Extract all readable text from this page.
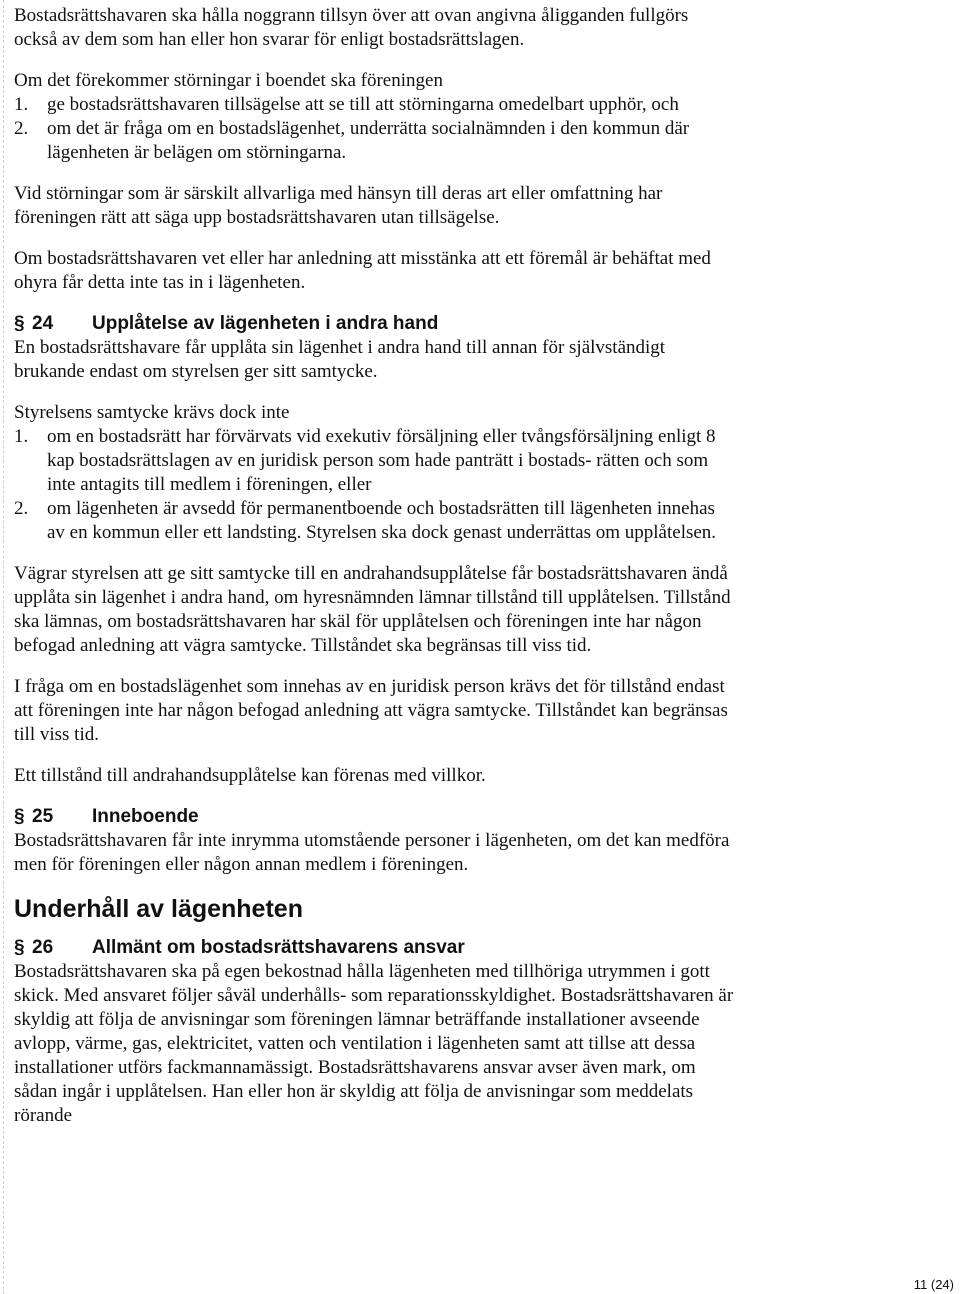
Bostadsrättshavaren ska hålla noggrann tillsyn över att ovan angivna åligganden fullgörs också av dem som han eller hon svarar för enligt bostadsrättslagen.

Om det förekommer störningar i boendet ska föreningen

1. ge bostadsrättshavaren tillsägelse att se till att störningarna omedelbart upphör, och
2. om det är fråga om en bostadslägenhet, underrätta socialnämnden i den kommun där lägenheten är belägen om störningarna.

Vid störningar som är särskilt allvarliga med hänsyn till deras art eller omfattning har föreningen rätt att säga upp bostadsrättshavaren utan tillsägelse.

Om bostadsrättshavaren vet eller har anledning att misstänka att ett föremål är behäftat med ohyra får detta inte tas in i lägenheten.

§ 24	Upplåtelse av lägenheten i andra hand

En bostadsrättshavare får upplåta sin lägenhet i andra hand till annan för självständigt brukande endast om styrelsen ger sitt samtycke.

Styrelsens samtycke krävs dock inte

1. om en bostadsrätt har förvärvats vid exekutiv försäljning eller tvångsförsäljning enligt 8 kap bostadsrättslagen av en juridisk person som hade panträtt i bostads- rätten och som inte antagits till medlem i föreningen, eller
2. om lägenheten är avsedd för permanentboende och bostadsrätten till lägenheten innehas av en kommun eller ett landsting. Styrelsen ska dock genast underrättas om upplåtelsen.

Vägrar styrelsen att ge sitt samtycke till en andrahandsupplåtelse får bostadsrättshavaren ändå upplåta sin lägenhet i andra hand, om hyresnämnden lämnar tillstånd till upplåtelsen. Tillstånd ska lämnas, om bostadsrättshavaren har skäl för upplåtelsen och föreningen inte har någon befogad anledning att vägra samtycke. Tillståndet ska begränsas till viss tid.

I fråga om en bostadslägenhet som innehas av en juridisk person krävs det för tillstånd endast att föreningen inte har någon befogad anledning att vägra samtycke. Tillståndet kan begränsas till viss tid.

Ett tillstånd till andrahandsupplåtelse kan förenas med villkor.

§ 25	Inneboende

Bostadsrättshavaren får inte inrymma utomstående personer i lägenheten, om det kan medföra men för föreningen eller någon annan medlem i föreningen.

Underhåll av lägenheten
§ 26	Allmänt om bostadsrättshavarens ansvar

Bostadsrättshavaren ska på egen bekostnad hålla lägenheten med tillhöriga utrymmen i gott skick. Med ansvaret följer såväl underhålls- som reparationsskyldighet. Bostadsrättshavaren är skyldig att följa de anvisningar som föreningen lämnar beträffande installationer avseende avlopp, värme, gas, elektricitet, vatten och ventilation i lägenheten samt att tillse att dessa installationer utförs fackmannamässigt. Bostadsrättshavarens ansvar avser även mark, om sådan ingår i upplåtelsen. Han eller hon är skyldig att följa de anvisningar som meddelats rörande

11 (24)
